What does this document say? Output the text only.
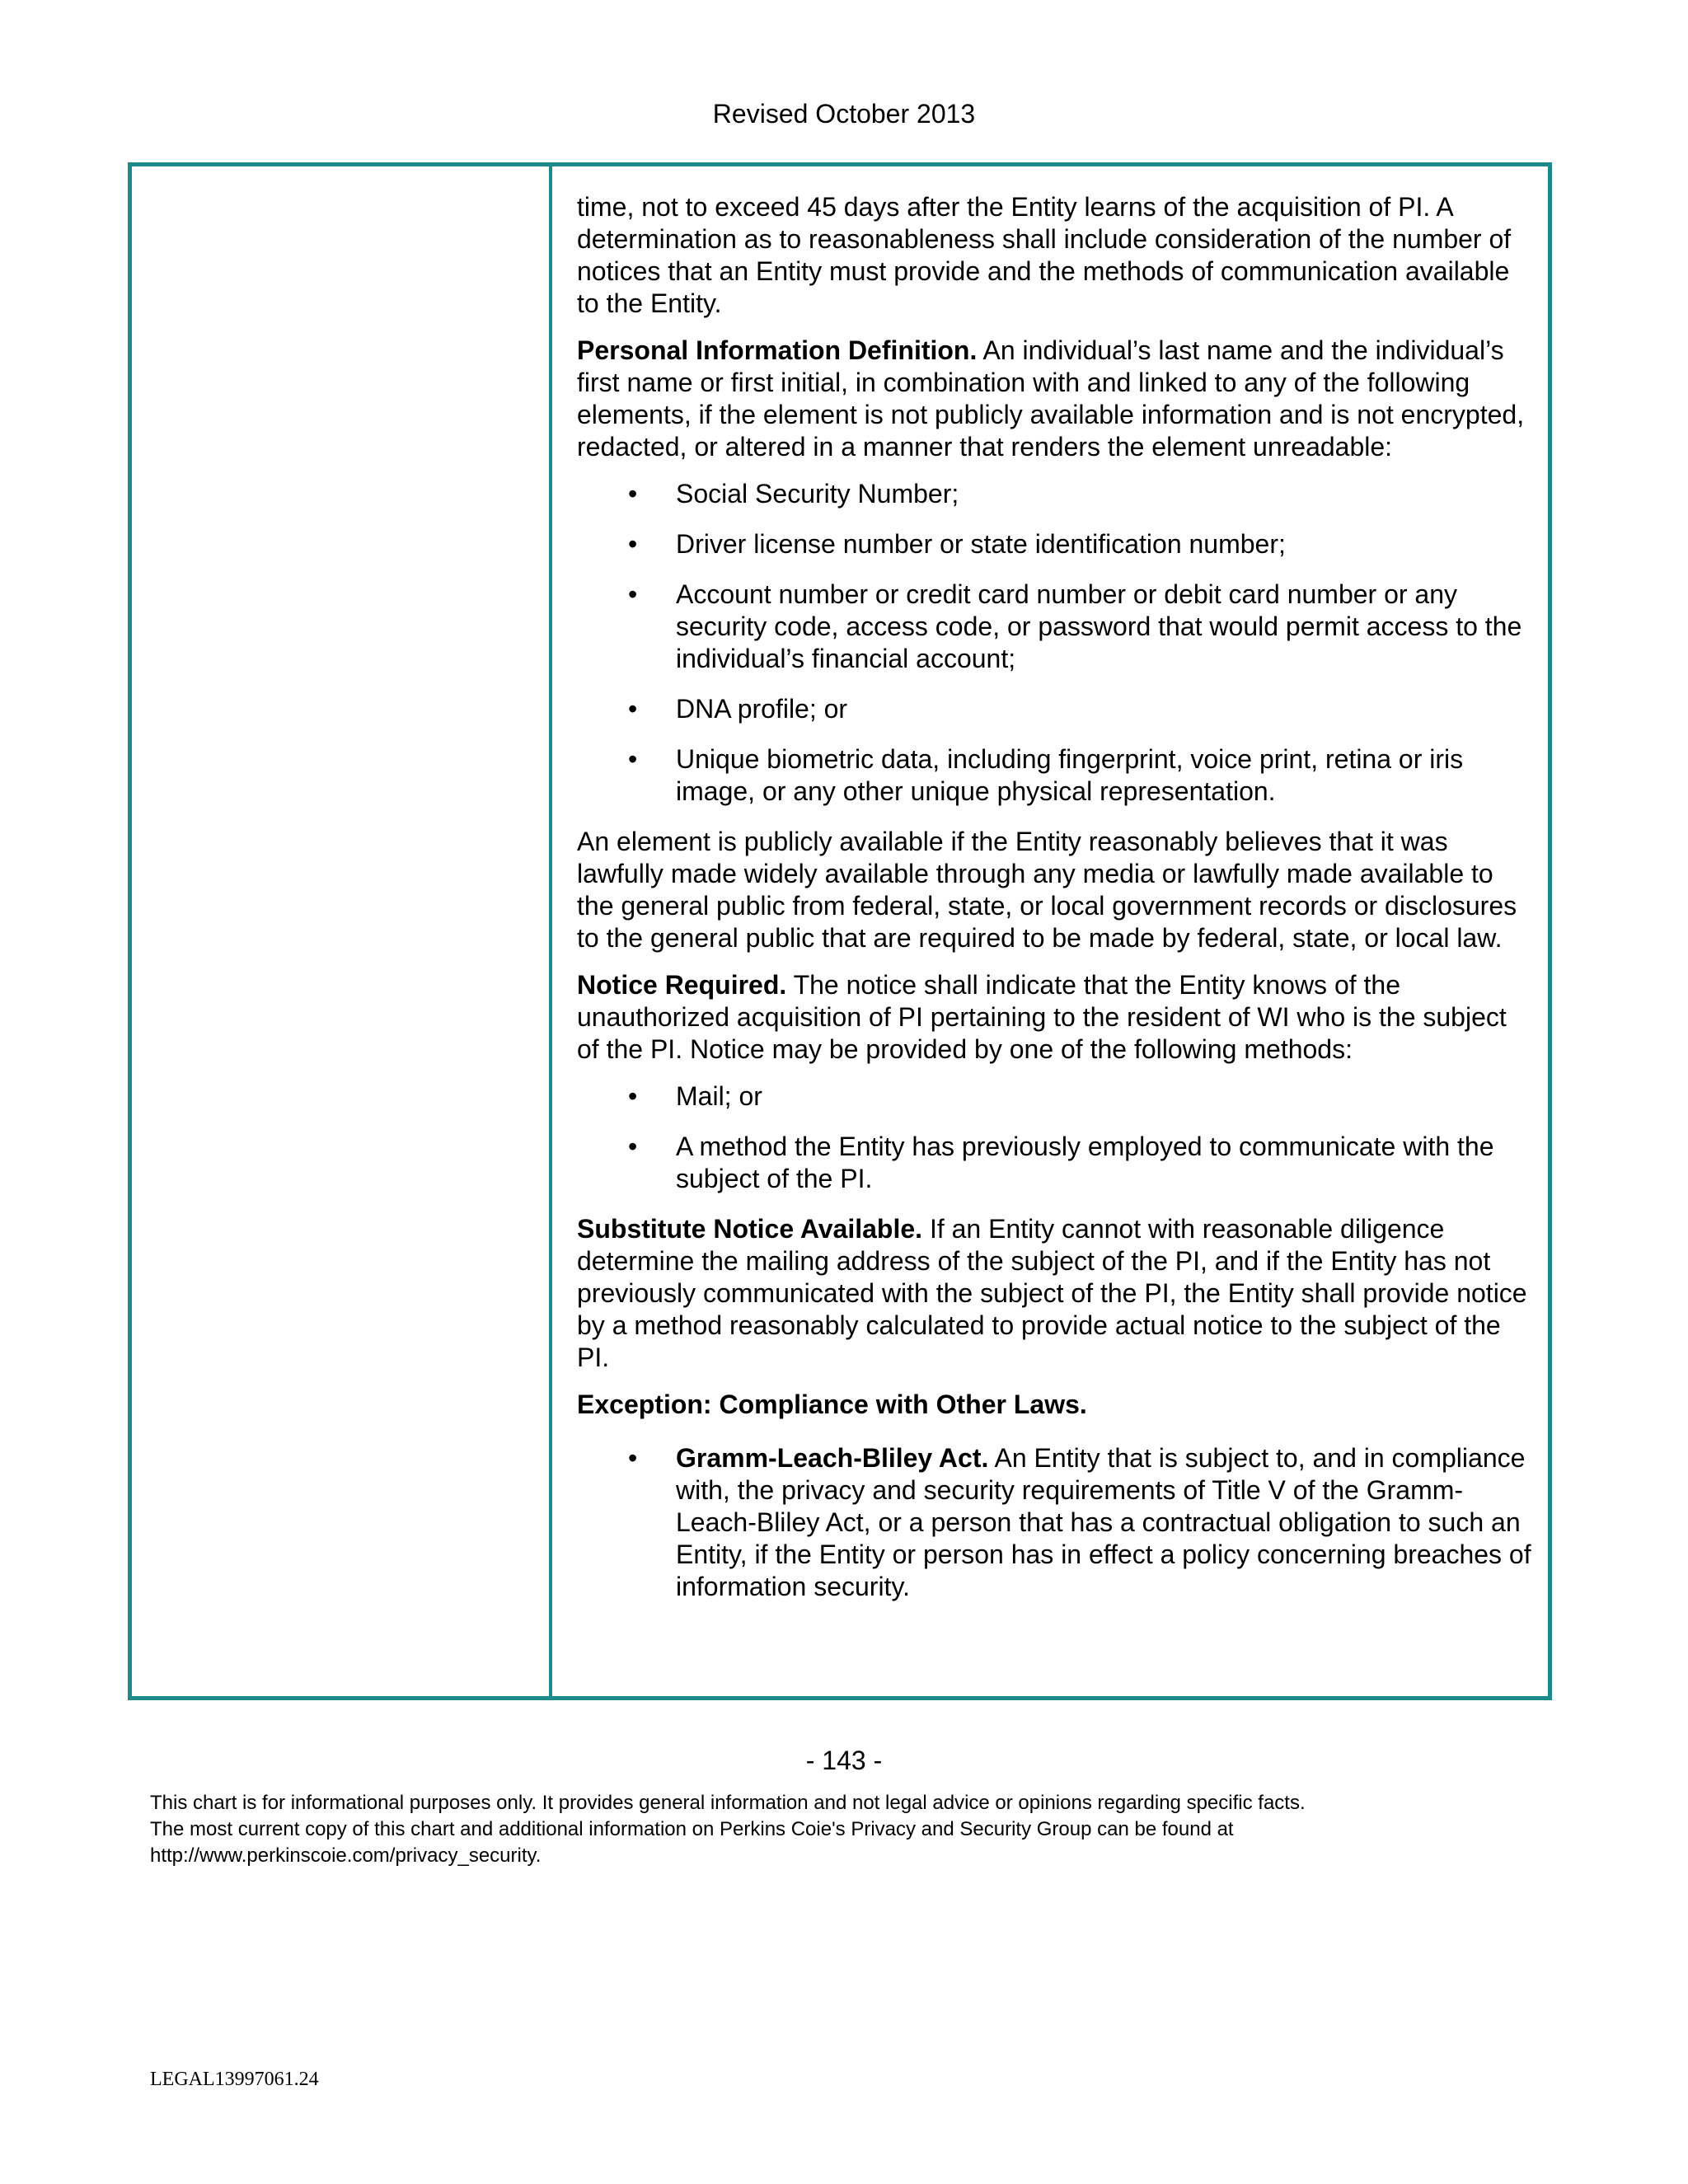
Revised October 2013

time, not to exceed 45 days after the Entity learns of the acquisition of PI. A determination as to reasonableness shall include consideration of the number of notices that an Entity must provide and the methods of communication available to the Entity.

Personal Information Definition. An individual’s last name and the individual’s first name or first initial, in combination with and linked to any of the following elements, if the element is not publicly available information and is not encrypted, redacted, or altered in a manner that renders the element unreadable:

• Social Security Number;
• Driver license number or state identification number;
• Account number or credit card number or debit card number or any security code, access code, or password that would permit access to the individual’s financial account;
• DNA profile; or
• Unique biometric data, including fingerprint, voice print, retina or iris image, or any other unique physical representation.

An element is publicly available if the Entity reasonably believes that it was lawfully made widely available through any media or lawfully made available to the general public from federal, state, or local government records or disclosures to the general public that are required to be made by federal, state, or local law.

Notice Required. The notice shall indicate that the Entity knows of the unauthorized acquisition of PI pertaining to the resident of WI who is the subject of the PI. Notice may be provided by one of the following methods:

• Mail; or
• A method the Entity has previously employed to communicate with the subject of the PI.

Substitute Notice Available. If an Entity cannot with reasonable diligence determine the mailing address of the subject of the PI, and if the Entity has not previously communicated with the subject of the PI, the Entity shall provide notice by a method reasonably calculated to provide actual notice to the subject of the PI.

Exception: Compliance with Other Laws.

• Gramm-Leach-Bliley Act. An Entity that is subject to, and in compliance with, the privacy and security requirements of Title V of the Gramm-Leach-Bliley Act, or a person that has a contractual obligation to such an Entity, if the Entity or person has in effect a policy concerning breaches of information security.
- 143 -
This chart is for informational purposes only. It provides general information and not legal advice or opinions regarding specific facts.
The most current copy of this chart and additional information on Perkins Coie's Privacy and Security Group can be found at
http://www.perkinscoie.com/privacy_security.
LEGAL13997061.24
